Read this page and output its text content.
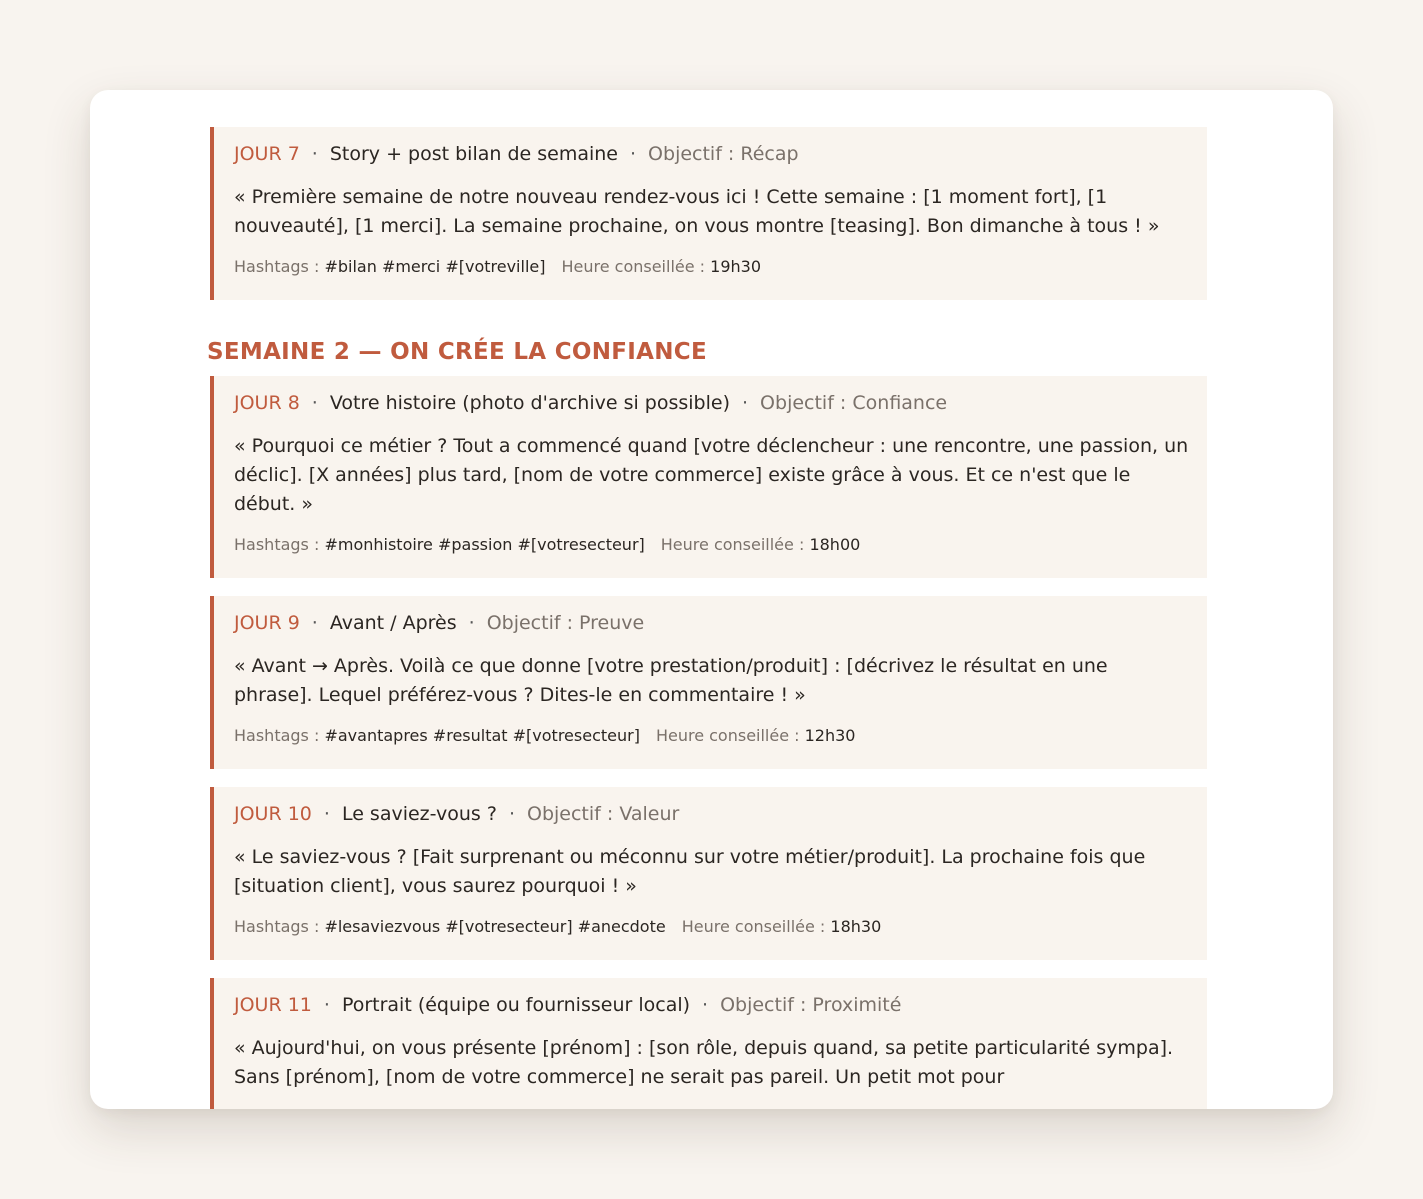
JOUR 7 · Story + post bilan de semaine · Objectif : Récap
« Première semaine de notre nouveau rendez-vous ici ! Cette semaine : [1 moment fort], [1 nouveauté], [1 merci]. La semaine prochaine, on vous montre [teasing]. Bon dimanche à tous ! »
Hashtags : #bilan #merci #[votreville] Heure conseillée : 19h30
SEMAINE 2 — ON CRÉE LA CONFIANCE
JOUR 8 · Votre histoire (photo d'archive si possible) · Objectif : Confiance
« Pourquoi ce métier ? Tout a commencé quand [votre déclencheur : une rencontre, une passion, un déclic]. [X années] plus tard, [nom de votre commerce] existe grâce à vous. Et ce n'est que le début. »
Hashtags : #monhistoire #passion #[votresecteur] Heure conseillée : 18h00
JOUR 9 · Avant / Après · Objectif : Preuve
« Avant → Après. Voilà ce que donne [votre prestation/produit] : [décrivez le résultat en une phrase]. Lequel préférez-vous ? Dites-le en commentaire ! »
Hashtags : #avantapres #resultat #[votresecteur] Heure conseillée : 12h30
JOUR 10 · Le saviez-vous ? · Objectif : Valeur
« Le saviez-vous ? [Fait surprenant ou méconnu sur votre métier/produit]. La prochaine fois que [situation client], vous saurez pourquoi ! »
Hashtags : #lesaviezvous #[votresecteur] #anecdote Heure conseillée : 18h30
JOUR 11 · Portrait (équipe ou fournisseur local) · Objectif : Proximité
« Aujourd'hui, on vous présente [prénom] : [son rôle, depuis quand, sa petite particularité sympa]. Sans [prénom], [nom de votre commerce] ne serait pas pareil. Un petit mot pour
